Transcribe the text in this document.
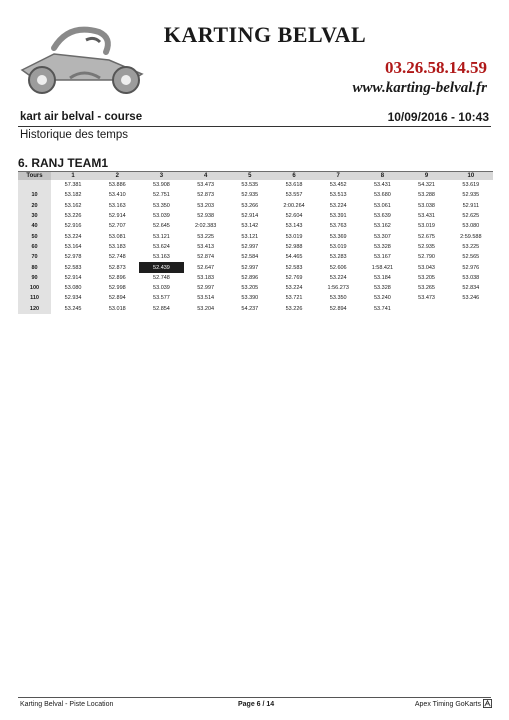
KARTING BELVAL
03.26.58.14.59
www.karting-belval.fr
kart air belval - course	10/09/2016 - 10:43
Historique des temps
6. RANJ TEAM1
Tours	1	2	3	4	5	6	7	8	9	10
	57.381	53.886	53.908	53.473	53.535	53.618	53.452	53.431	54.321	53.619
10	53.182	53.410	52.751	52.873	52.935	53.557	53.513	53.680	53.288	52.935
20	53.162	53.163	53.350	53.203	53.266	2:00.264	53.224	53.061	53.038	52.911
30	53.226	52.914	53.039	52.938	52.914	52.604	53.391	53.639	53.431	52.625
40	52.916	52.707	52.645	2:02.383	53.142	53.143	53.763	53.162	53.019	53.080
50	53.224	53.081	53.121	53.225	53.121	53.019	53.369	53.307	52.675	2:59.588
60	53.164	53.183	53.624	53.413	52.997	52.988	53.019	53.328	52.935	53.225
70	52.978	52.748	53.163	52.874	52.584	54.465	53.283	53.167	52.790	52.565
80	52.583	52.873	52.439	52.647	52.997	52.583	52.606	1:58.421	53.043	52.976
90	52.914	52.896	52.748	53.183	52.896	52.769	53.224	53.184	53.205	53.038
100	53.080	52.998	53.039	52.997	53.205	53.224	1:56.273	53.328	53.265	52.834
110	52.934	52.894	53.577	53.514	53.390	53.721	53.350	53.240	53.473	53.246
120	53.245	53.018	52.854	53.204	54.237	53.226	52.894	53.741		
Karting Belval - Piste Location	Page 6 / 14	Apex Timing GoKarts
